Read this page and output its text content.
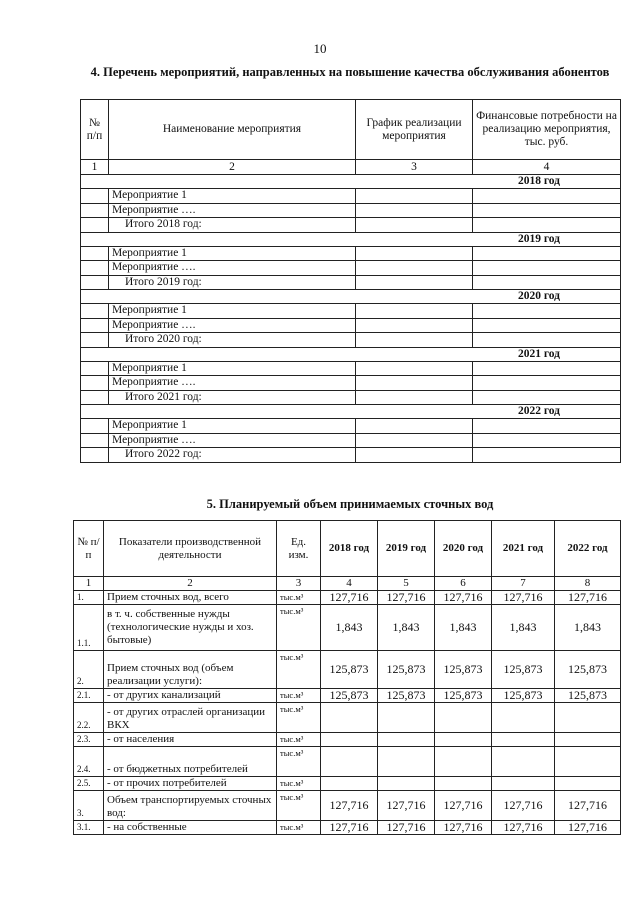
10
4. Перечень мероприятий, направленных на повышение качества обслуживания абонентов
№ п/п	Наименование мероприятия	График реализации мероприятия	Финансовые потребности на реализацию мероприятия, тыс. руб.
1	2	3	4
2018 год			
	Мероприятие 1		
	Мероприятие ….		
	Итого 2018 год:		
2019 год			
	Мероприятие 1		
	Мероприятие ….		
	Итого 2019 год:		
2020 год			
	Мероприятие 1		
	Мероприятие ….		
	Итого 2020 год:		
2021 год			
	Мероприятие 1		
	Мероприятие ….		
	Итого 2021 год:		
2022 год			
	Мероприятие 1		
	Мероприятие ….		
	Итого 2022 год:		
5. Планируемый объем принимаемых сточных вод
№ п/п	Показатели производственной деятельности	Ед. изм.	2018 год	2019 год	2020 год	2021 год	2022 год
1	2	3	4	5	6	7	8
1.	Прием сточных вод, всего	тыс.м³	127,716	127,716	127,716	127,716	127,716
1.1.	в т. ч. собственные нужды (технологические нужды и хоз. бытовые)	тыс.м³	1,843	1,843	1,843	1,843	1,843
2.	Прием сточных вод (объем реализации услуги):	тыс.м³	125,873	125,873	125,873	125,873	125,873
2.1.	- от других канализаций	тыс.м³	125,873	125,873	125,873	125,873	125,873
2.2.	- от других отраслей организации ВКХ	тыс.м³					
2.3.	- от населения	тыс.м³					
2.4.	- от бюджетных потребителей	тыс.м³					
2.5.	- от прочих потребителей	тыс.м³					
3.	Объем транспортируемых сточных вод:	тыс.м³	127,716	127,716	127,716	127,716	127,716
3.1.	- на собственные	тыс.м³	127,716	127,716	127,716	127,716	127,716
